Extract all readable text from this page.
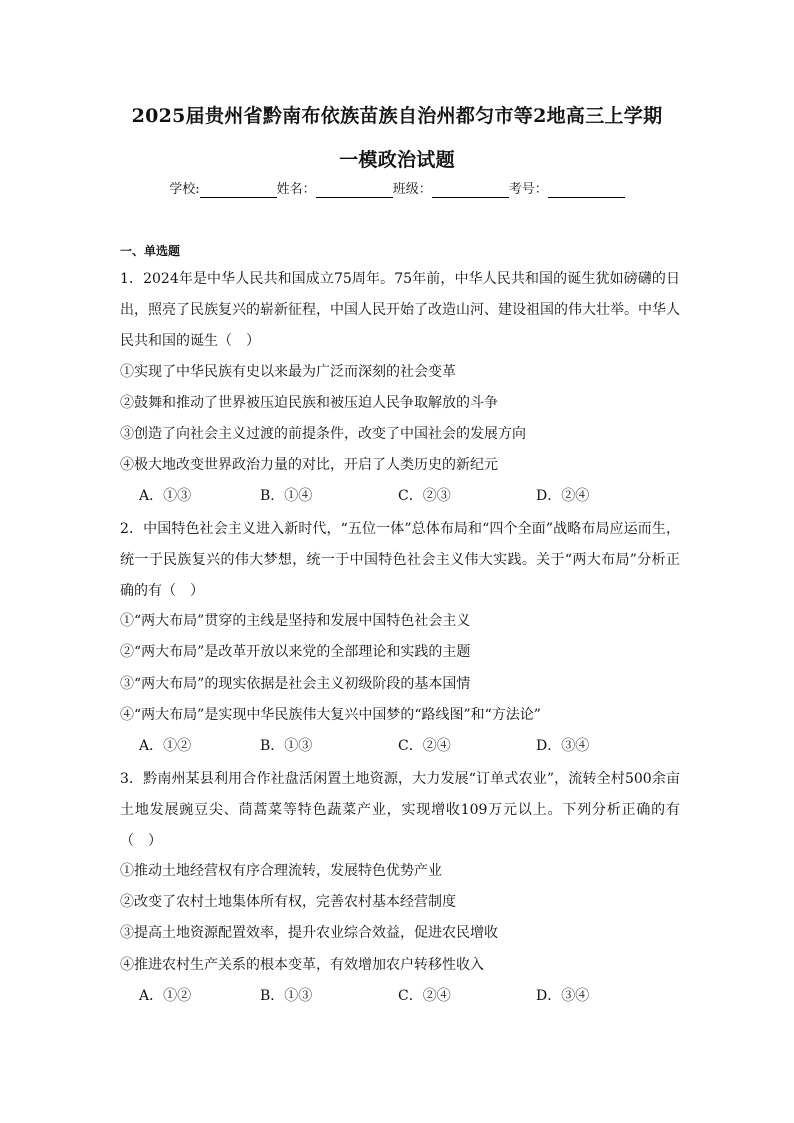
2025届贵州省黔南布依族苗族自治州都匀市等2地高三上学期
一模政治试题
学校:	姓名：	班级：	考号：
一、单选题
1．2024年是中华人民共和国成立75周年。75年前，中华人民共和国的诞生犹如磅礴的日出，照亮了民族复兴的崭新征程，中国人民开始了改造山河、建设祖国的伟大壮举。中华人民共和国的诞生（　）
①实现了中华民族有史以来最为广泛而深刻的社会变革
②鼓舞和推动了世界被压迫民族和被压迫人民争取解放的斗争
③创造了向社会主义过渡的前提条件，改变了中国社会的发展方向
④极大地改变世界政治力量的对比，开启了人类历史的新纪元
A．①③	B．①④	C．②③	D．②④
2．中国特色社会主义进入新时代，“五位一体”总体布局和“四个全面”战略布局应运而生，统一于民族复兴的伟大梦想，统一于中国特色社会主义伟大实践。关于“两大布局”分析正确的有（　）
①“两大布局”贯穿的主线是坚持和发展中国特色社会主义
②“两大布局”是改革开放以来党的全部理论和实践的主题
③“两大布局”的现实依据是社会主义初级阶段的基本国情
④“两大布局”是实现中华民族伟大复兴中国梦的“路线图”和“方法论”
A．①②	B．①③	C．②④	D．③④
3．黔南州某县利用合作社盘活闲置土地资源，大力发展“订单式农业”，流转全村500余亩土地发展豌豆尖、茼蒿菜等特色蔬菜产业，实现增收109万元以上。下列分析正确的有（　）
①推动土地经营权有序合理流转，发展特色优势产业
②改变了农村土地集体所有权，完善农村基本经营制度
③提高土地资源配置效率，提升农业综合效益，促进农民增收
④推进农村生产关系的根本变革，有效增加农户转移性收入
A．①②	B．①③	C．②④	D．③④
